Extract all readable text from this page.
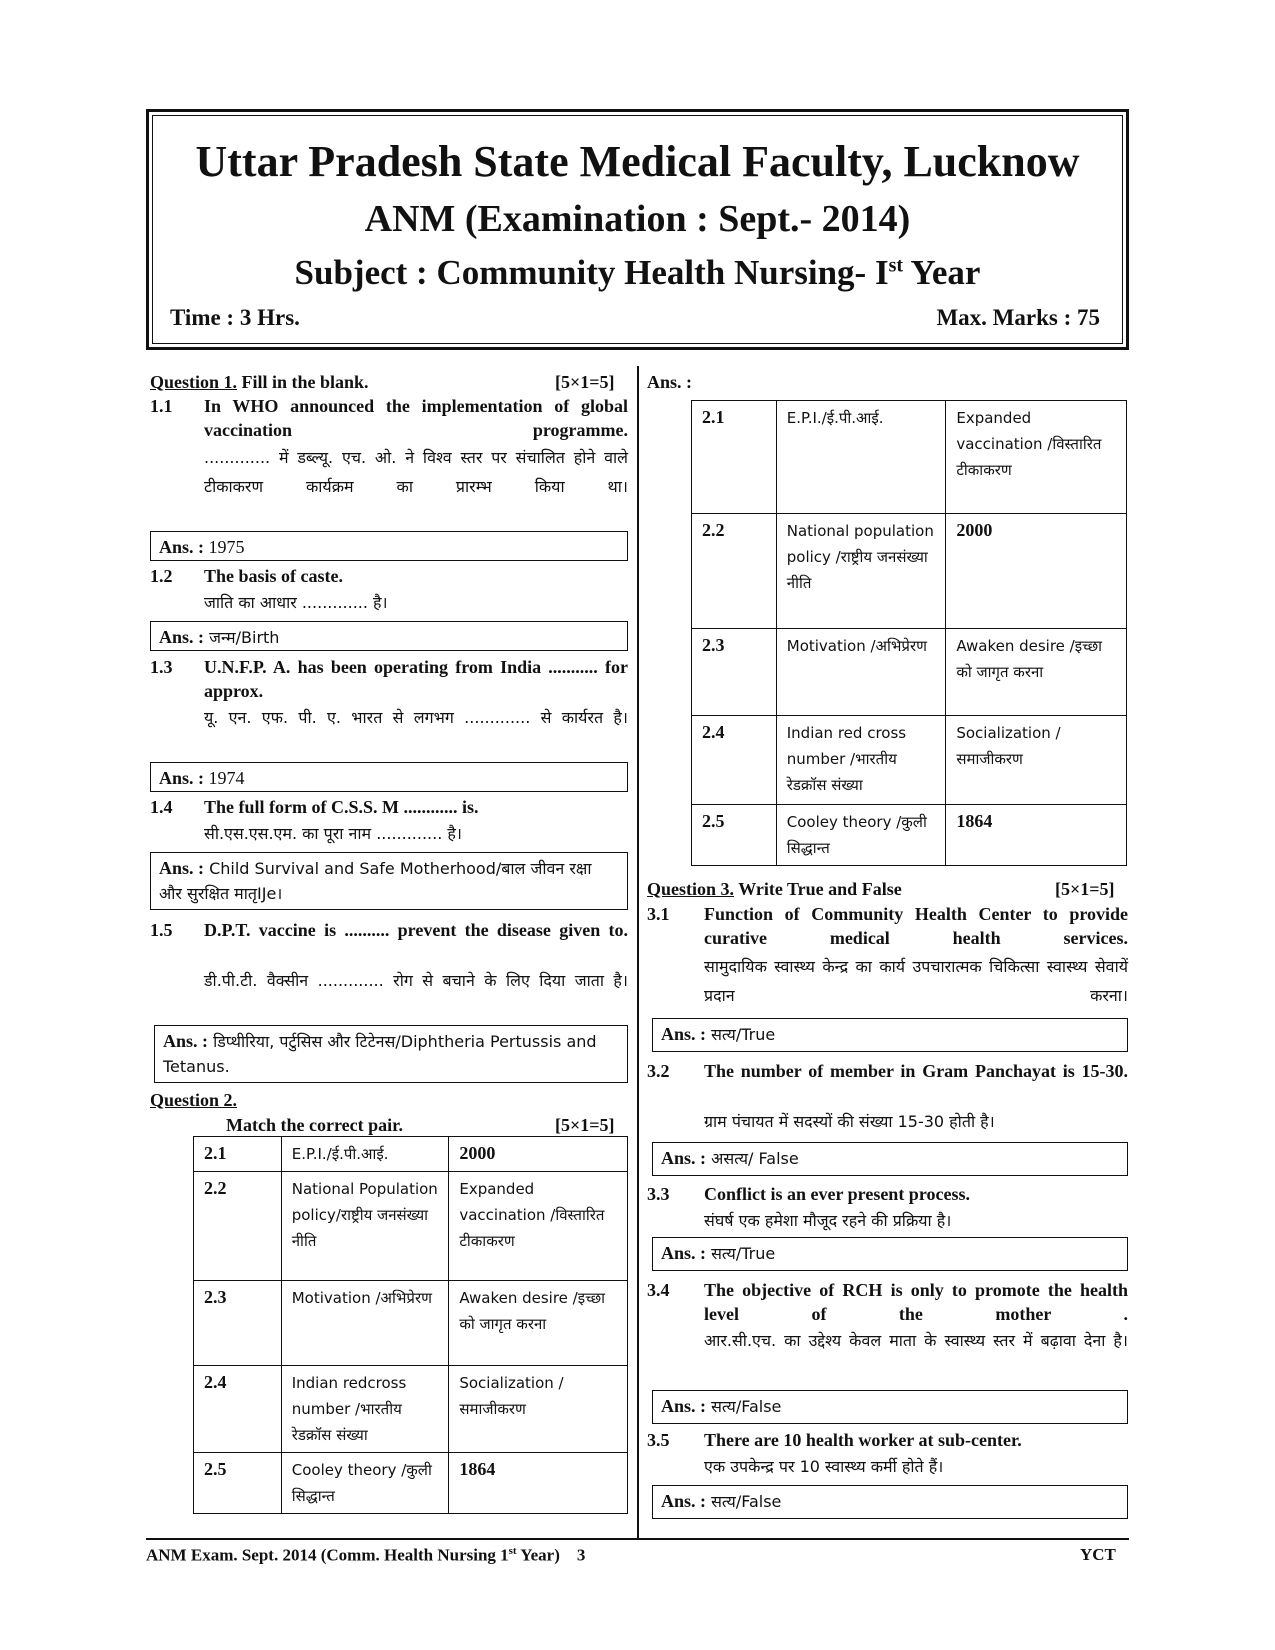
Uttar Pradesh State Medical Faculty, Lucknow
ANM (Examination : Sept.- 2014)
Subject : Community Health Nursing- Ist Year
Time : 3 Hrs.	Max. Marks : 75
Question 1. Fill in the blank.	[5×1=5]
1.1 In WHO announced the implementation of global vaccination programme.
............. में डब्ल्यू. एच. ओ. ने विश्व स्तर पर संचालित होने वाले टीकाकरण कार्यक्रम का प्रारम्भ किया था।
Ans. : 1975
1.2 The basis of caste.
जाति का आधार ............. है।
Ans. : जन्म/Birth
1.3 U.N.F.P. A. has been operating from India ........... for approx.
यू. एन. एफ. पी. ए. भारत से लगभग ............. से कार्यरत है।
Ans. : 1974
1.4 The full form of C.S.S. M ............ is.
सी.एस.एस.एम. का पूरा नाम ............. है।
Ans. : Child Survival and Safe Motherhood/बाल जीवन रक्षा और सुरक्षित मातृIJe।
1.5 D.P.T. vaccine is .......... prevent the disease given to.
डी.पी.टी. वैक्सीन ............. रोग से बचाने के लिए दिया जाता है।
Ans. : डिप्थीरिया, पर्टुसिस और टिटेनस/Diphtheria Pertussis and Tetanus.
Question 2.
Match the correct pair.	[5×1=5]
2.1	E.P.I./ई.पी.आई.	2000
2.2	National Population policy/राष्ट्रीय जनसंख्या नीति	Expanded vaccination /विस्तारित टीकाकरण
2.3	Motivation /अभिप्रेरण	Awaken desire /इच्छा को जागृत करना
2.4	Indian redcross number /भारतीय रेडक्रॉस संख्या	Socialization /समाजीकरण
2.5	Cooley theory /कुली सिद्धान्त	1864
Ans. :
2.1	E.P.I./ई.पी.आई.	Expanded vaccination /विस्तारित टीकाकरण
2.2	National population policy /राष्ट्रीय जनसंख्या नीति	2000
2.3	Motivation /अभिप्रेरण	Awaken desire /इच्छा को जागृत करना
2.4	Indian red cross number /भारतीय रेडक्रॉस संख्या	Socialization /समाजीकरण
2.5	Cooley theory /कुली सिद्धान्त	1864
Question 3. Write True and False	[5×1=5]
3.1 Function of Community Health Center to provide curative medical health services.
सामुदायिक स्वास्थ्य केन्द्र का कार्य उपचारात्मक चिकित्सा स्वास्थ्य सेवायें प्रदान करना।
Ans. : सत्य/True
3.2 The number of member in Gram Panchayat is 15-30.
ग्राम पंचायत में सदस्यों की संख्या 15-30 होती है।
Ans. : असत्य/ False
3.3 Conflict is an ever present process.
संघर्ष एक हमेशा मौजूद रहने की प्रक्रिया है।
Ans. : सत्य/True
3.4 The objective of RCH is only to promote the health level of the mother .
आर.सी.एच. का उद्देश्य केवल माता के स्वास्थ्य स्तर में बढ़ावा देना है।
Ans. : सत्य/False
3.5 There are 10 health worker at sub-center.
एक उपकेन्द्र पर 10 स्वास्थ्य कर्मी होते हैं।
Ans. : सत्य/False
ANM Exam. Sept. 2014 (Comm. Health Nursing 1st Year) 3	YCT
